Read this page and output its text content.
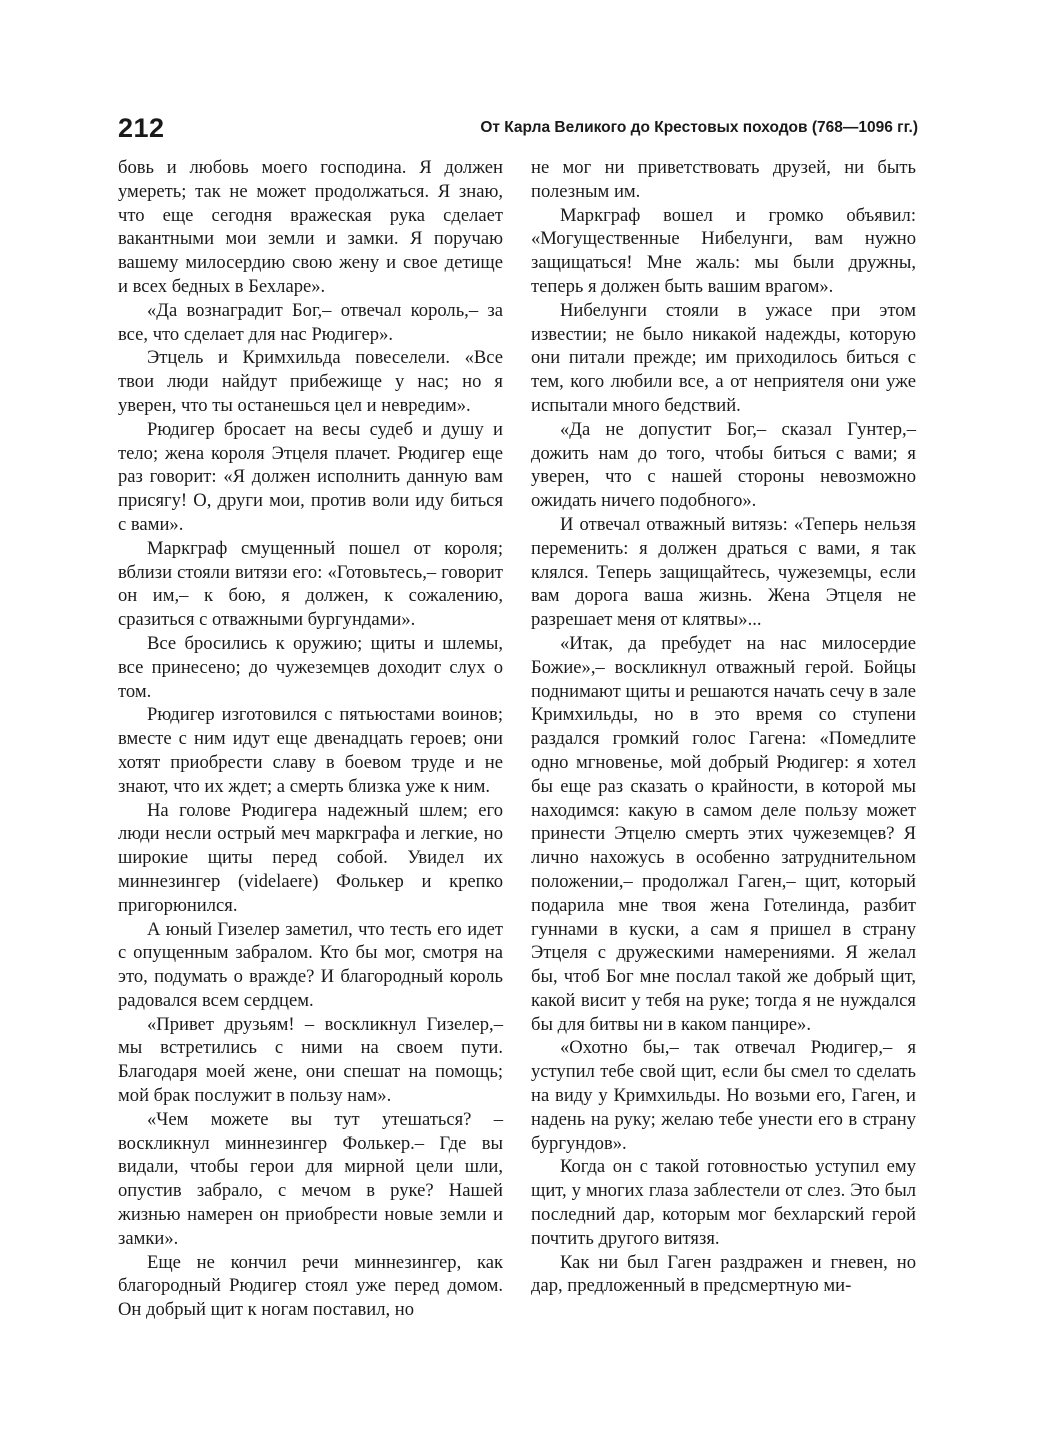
212	От Карла Великого до Крестовых походов (768—1096 гг.)

бовь и любовь моего господина. Я должен умереть; так не может продолжаться. Я знаю, что еще сегодня вражеская рука сделает вакантными мои земли и замки. Я поручаю вашему милосердию свою жену и свое детище и всех бедных в Бехларе».

«Да вознаградит Бог,– отвечал король,– за все, что сделает для нас Рюдигер».

Этцель и Кримхильда повеселели. «Все твои люди найдут прибежище у нас; но я уверен, что ты останешься цел и невредим».

Рюдигер бросает на весы судеб и душу и тело; жена короля Этцеля плачет. Рюдигер еще раз говорит: «Я должен исполнить данную вам присягу! О, други мои, против воли иду биться с вами».

Маркграф смущенный пошел от короля; вблизи стояли витязи его: «Готовьтесь,– говорит он им,– к бою, я должен, к сожалению, сразиться с отважными бургундами».

Все бросились к оружию; щиты и шлемы, все принесено; до чужеземцев доходит слух о том.

Рюдигер изготовился с пятьюстами воинов; вместе с ним идут еще двенадцать героев; они хотят приобрести славу в боевом труде и не знают, что их ждет; а смерть близка уже к ним.

На голове Рюдигера надежный шлем; его люди несли острый меч маркграфа и легкие, но широкие щиты перед собой. Увидел их миннезингер (videlaere) Фолькер и крепко пригорюнился.

А юный Гизелер заметил, что тесть его идет с опущенным забралом. Кто бы мог, смотря на это, подумать о вражде? И благородный король радовался всем сердцем.

«Привет друзьям! – воскликнул Гизелер,– мы встретились с ними на своем пути. Благодаря моей жене, они спешат на помощь; мой брак послужит в пользу нам».

«Чем можете вы тут утешаться? – воскликнул миннезингер Фолькер.– Где вы видали, чтобы герои для мирной цели шли, опустив забрало, с мечом в руке? Нашей жизнью намерен он приобрести новые земли и замки».

Еще не кончил речи миннезингер, как благородный Рюдигер стоял уже перед домом. Он добрый щит к ногам поставил, но

не мог ни приветствовать друзей, ни быть полезным им.

Маркграф вошел и громко объявил: «Могущественные Нибелунги, вам нужно защищаться! Мне жаль: мы были дружны, теперь я должен быть вашим врагом».

Нибелунги стояли в ужасе при этом известии; не было никакой надежды, которую они питали прежде; им приходилось биться с тем, кого любили все, а от неприятеля они уже испытали много бедствий.

«Да не допустит Бог,– сказал Гунтер,– дожить нам до того, чтобы биться с вами; я уверен, что с нашей стороны невозможно ожидать ничего подобного».

И отвечал отважный витязь: «Теперь нельзя переменить: я должен драться с вами, я так клялся. Теперь защищайтесь, чужеземцы, если вам дорога ваша жизнь. Жена Этцеля не разрешает меня от клятвы»...

«Итак, да пребудет на нас милосердие Божие»,– воскликнул отважный герой. Бойцы поднимают щиты и решаются начать сечу в зале Кримхильды, но в это время со ступени раздался громкий голос Гагена: «Помедлите одно мгновенье, мой добрый Рюдигер: я хотел бы еще раз сказать о крайности, в которой мы находимся: какую в самом деле пользу может принести Этцелю смерть этих чужеземцев? Я лично нахожусь в особенно затруднительном положении,– продолжал Гаген,– щит, который подарила мне твоя жена Готелинда, разбит гуннами в куски, а сам я пришел в страну Этцеля с дружескими намерениями. Я желал бы, чтоб Бог мне послал такой же добрый щит, какой висит у тебя на руке; тогда я не нуждался бы для битвы ни в каком панцире».

«Охотно бы,– так отвечал Рюдигер,– я уступил тебе свой щит, если бы смел то сделать на виду у Кримхильды. Но возьми его, Гаген, и надень на руку; желаю тебе унести его в страну бургундов».

Когда он с такой готовностью уступил ему щит, у многих глаза заблестели от слез. Это был последний дар, которым мог бехларский герой почтить другого витязя.

Как ни был Гаген раздражен и гневен, но дар, предложенный в предсмертную ми-
